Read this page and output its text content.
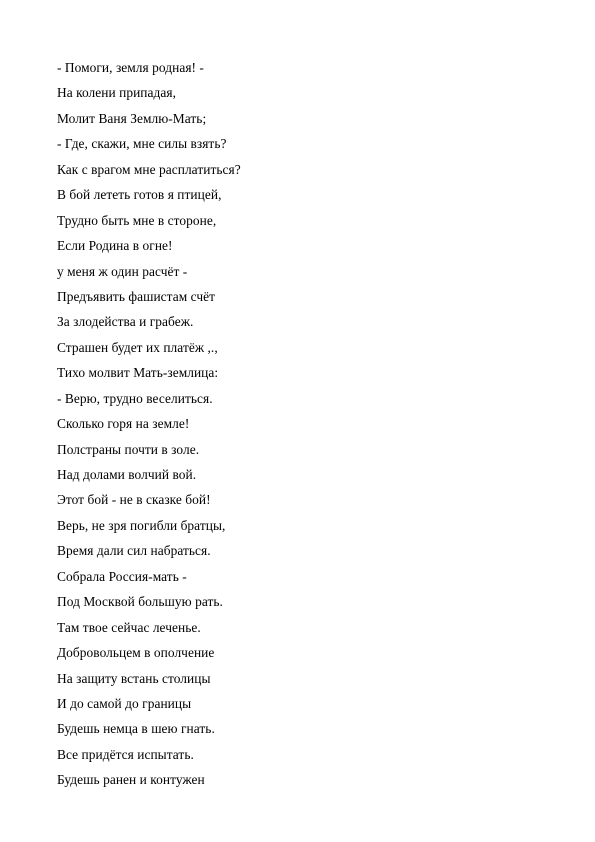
- Помоги, земля родная! -
На колени припадая,
Молит Ваня Землю-Мать;
- Где, скажи, мне силы взять?
Как с врагом мне расплатиться?
В бой лететь готов я птицей,
Трудно быть мне в стороне,
Если Родина в огне!
у меня ж один расчёт -
Предъявить фашистам счёт
За злодейства и грабеж.
Страшен будет их платёж ,.,
Тихо молвит Мать-землица:
- Верю, трудно веселиться.
Сколько горя на земле!
Полстраны почти в золе.
Над долами волчий вой.
Этот бой - не в сказке бой!
Верь, не зря погибли братцы,
Время дали сил набраться.
Собрала Россия-мать -
Под Москвой большую рать.
Там твое сейчас леченье.
Добровольцем в ополчение
На защиту встань столицы
И до самой до границы
Будешь немца в шею гнать.
Все придётся испытать.
Будешь ранен и контужен
